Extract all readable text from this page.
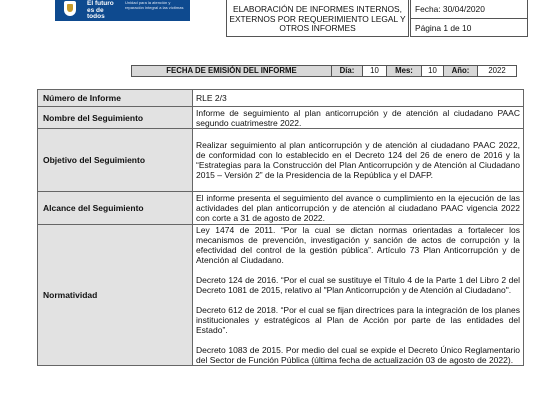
El futuro es de todos
Unidad para la atención y reparación integral a las víctimas	ELABORACIÓN DE INFORMES INTERNOS, EXTERNOS POR REQUERIMIENTO LEGAL Y OTROS INFORMES
Fecha: 30/04/2020
Página 1 de 10
FECHA DE EMISIÓN DEL INFORME	Día:	10	Mes:	10	Año:	2022
Número de Informe	RLE 2/3
Nombre del Seguimiento	Informe de seguimiento al plan anticorrupción y de atención al ciudadano PAAC segundo cuatrimestre 2022.
Objetivo del Seguimiento	Realizar seguimiento al plan anticorrupción y de atención al ciudadano PAAC 2022, de conformidad con lo establecido en el Decreto 124 del 26 de enero de 2016 y la “Estrategias para la Construcción del Plan Anticorrupción y de Atención al Ciudadano 2015 – Versión 2” de la Presidencia de la República y el DAFP.
Alcance del Seguimiento	El informe presenta el seguimiento del avance o cumplimiento en la ejecución de las actividades del plan anticorrupción y de atención al ciudadano PAAC vigencia 2022 con corte a 31 de agosto de 2022.
Normatividad	Ley 1474 de 2011. “Por la cual se dictan normas orientadas a fortalecer los mecanismos de prevención, investigación y sanción de actos de corrupción y la efectividad del control de la gestión pública”. Artículo 73 Plan Anticorrupción y de Atención al Ciudadano.

Decreto 124 de 2016. “Por el cual se sustituye el Título 4 de la Parte 1 del Libro 2 del Decreto 1081 de 2015, relativo al "Plan Anticorrupción y de Atención al Ciudadano".

Decreto 612 de 2018. “Por el cual se fijan directrices para la integración de los planes institucionales y estratégicos al Plan de Acción por parte de las entidades del Estado”.

Decreto 1083 de 2015. Por medio del cual se expide el Decreto Único Reglamentario del Sector de Función Pública (última fecha de actualización 03 de agosto de 2022).
